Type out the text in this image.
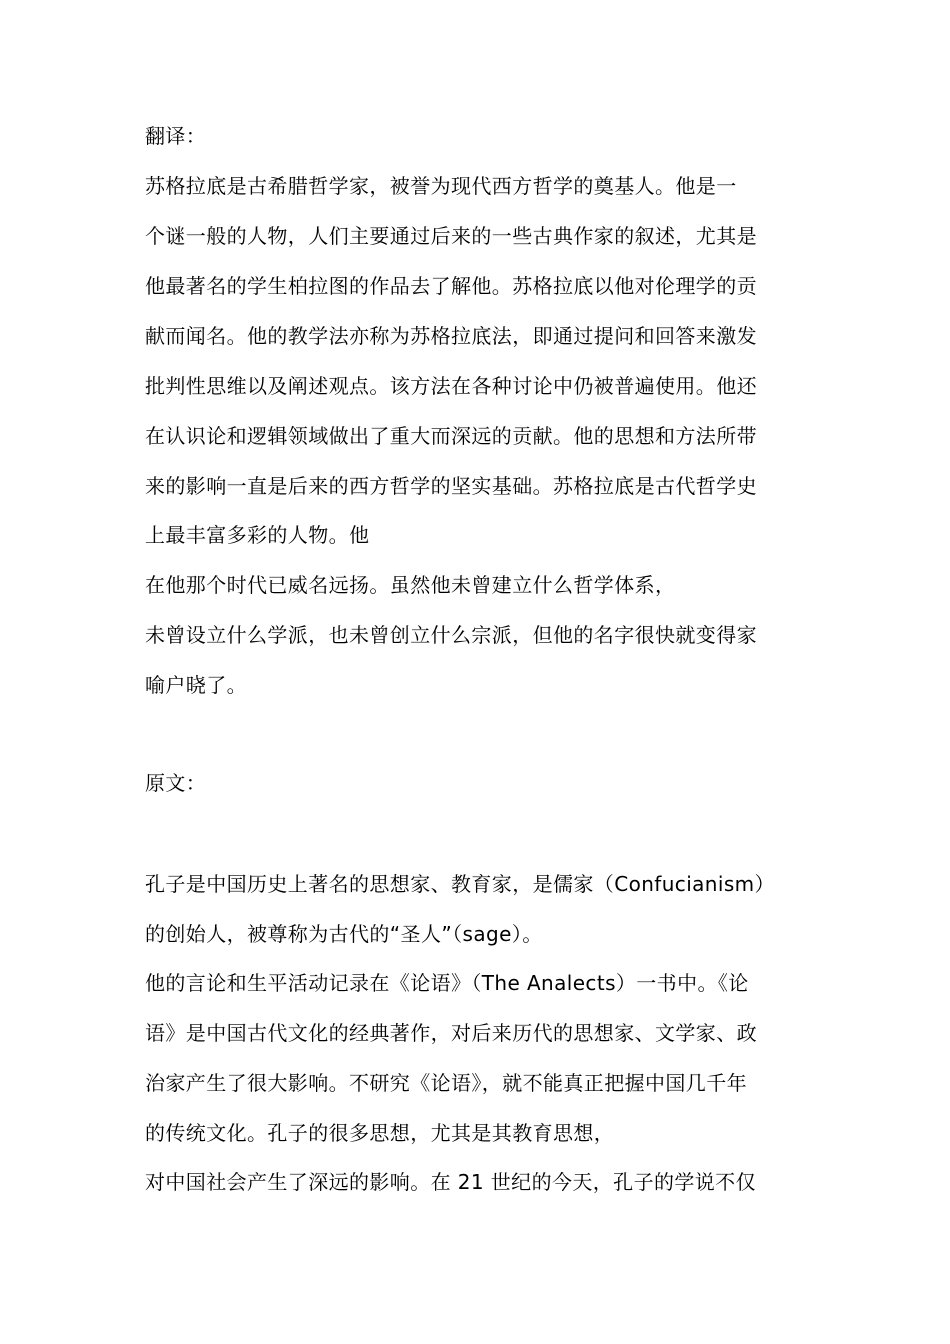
翻译：
苏格拉底是古希腊哲学家，被誉为现代西方哲学的奠基人。他是一
个谜一般的人物，人们主要通过后来的一些古典作家的叙述，尤其是
他最著名的学生柏拉图的作品去了解他。苏格拉底以他对伦理学的贡
献而闻名。他的教学法亦称为苏格拉底法，即通过提问和回答来激发
批判性思维以及阐述观点。该方法在各种讨论中仍被普遍使用。他还
在认识论和逻辑领域做出了重大而深远的贡献。他的思想和方法所带
来的影响一直是后来的西方哲学的坚实基础。苏格拉底是古代哲学史
上最丰富多彩的人物。他
在他那个时代已威名远扬。虽然他未曾建立什么哲学体系，
未曾设立什么学派，也未曾创立什么宗派，但他的名字很快就变得家
喻户晓了。
原文：
孔子是中国历史上著名的思想家、教育家，是儒家（Confucianism）
的创始人，被尊称为古代的“圣人”（sage）。
他的言论和生平活动记录在《论语》（The Analects）一书中。《论
语》是中国古代文化的经典著作，对后来历代的思想家、文学家、政
治家产生了很大影响。不研究《论语》，就不能真正把握中国几千年
的传统文化。孔子的很多思想，尤其是其教育思想，
对中国社会产生了深远的影响。在 21 世纪的今天，孔子的学说不仅
